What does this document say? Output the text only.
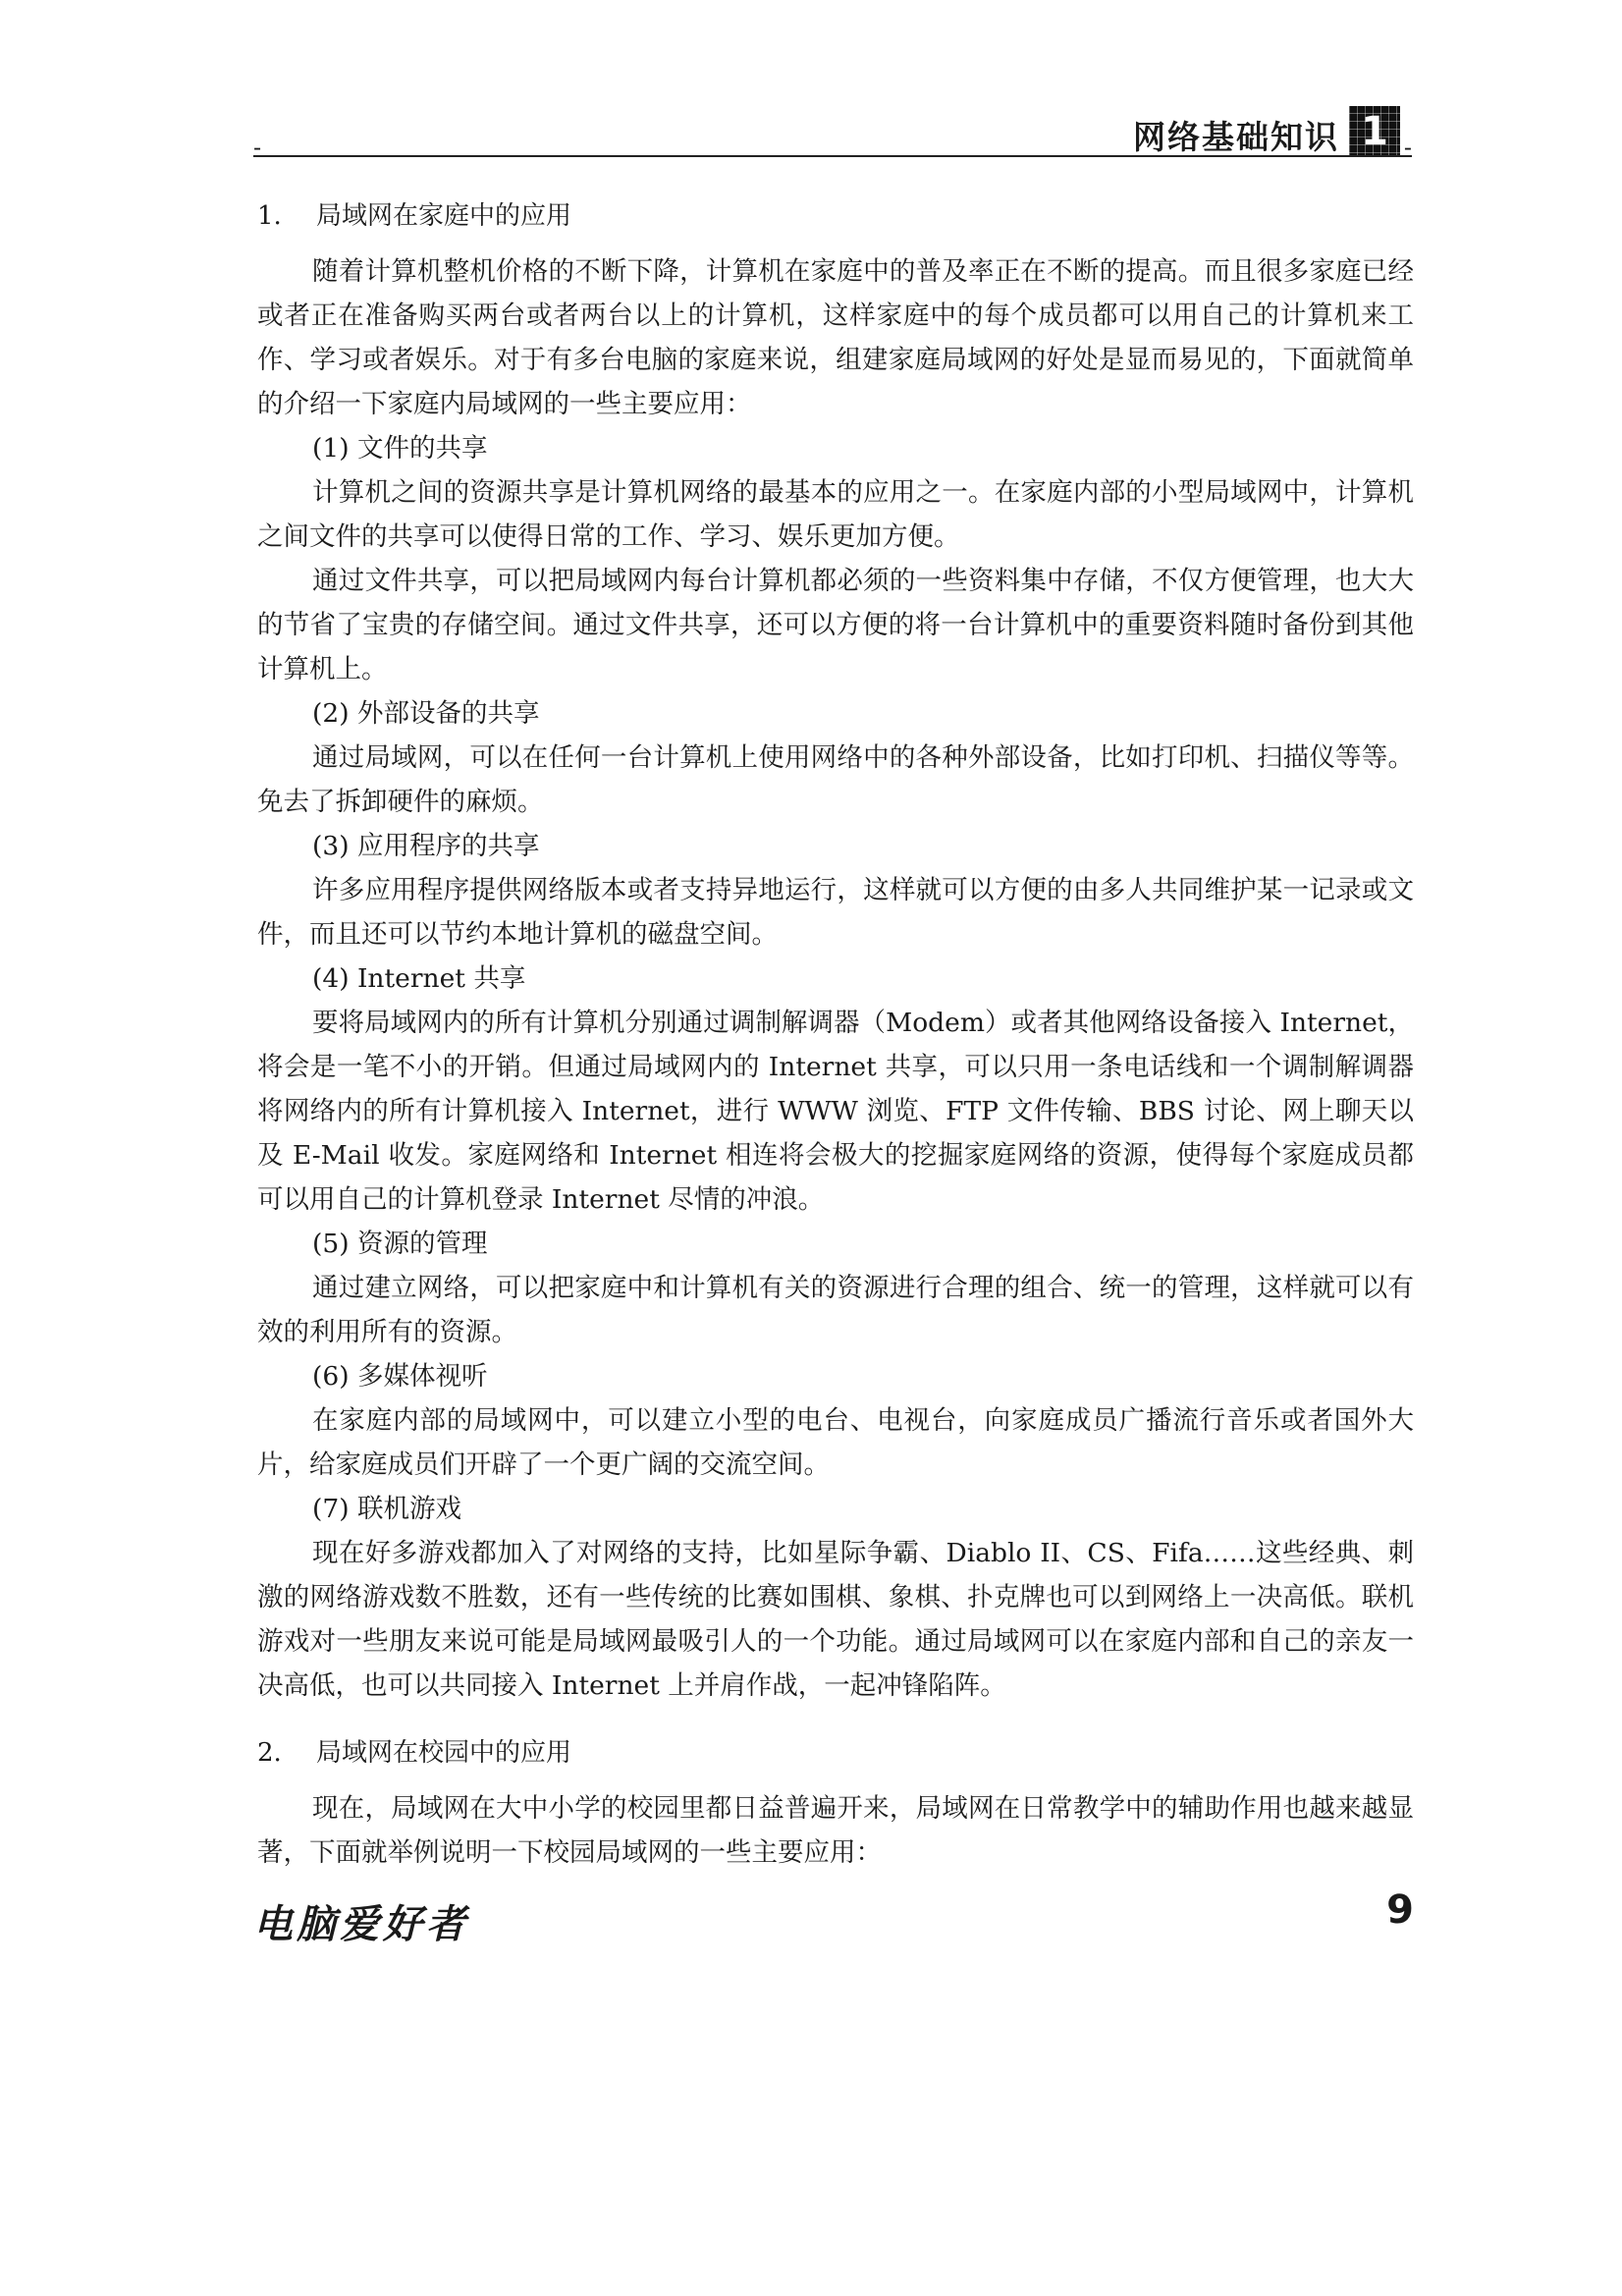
-	网络基础知识 1 -
1. 局域网在家庭中的应用

随着计算机整机价格的不断下降，计算机在家庭中的普及率正在不断的提高。而且很多家庭已经或者正在准备购买两台或者两台以上的计算机，这样家庭中的每个成员都可以用自己的计算机来工作、学习或者娱乐。对于有多台电脑的家庭来说，组建家庭局域网的好处是显而易见的，下面就简单的介绍一下家庭内局域网的一些主要应用：

(1) 文件的共享

计算机之间的资源共享是计算机网络的最基本的应用之一。在家庭内部的小型局域网中，计算机之间文件的共享可以使得日常的工作、学习、娱乐更加方便。

通过文件共享，可以把局域网内每台计算机都必须的一些资料集中存储，不仅方便管理，也大大的节省了宝贵的存储空间。通过文件共享，还可以方便的将一台计算机中的重要资料随时备份到其他计算机上。

(2) 外部设备的共享

通过局域网，可以在任何一台计算机上使用网络中的各种外部设备，比如打印机、扫描仪等等。免去了拆卸硬件的麻烦。

(3) 应用程序的共享

许多应用程序提供网络版本或者支持异地运行，这样就可以方便的由多人共同维护某一记录或文件，而且还可以节约本地计算机的磁盘空间。

(4) Internet 共享

要将局域网内的所有计算机分别通过调制解调器（Modem）或者其他网络设备接入 Internet，将会是一笔不小的开销。但通过局域网内的 Internet 共享，可以只用一条电话线和一个调制解调器将网络内的所有计算机接入 Internet，进行 WWW 浏览、FTP 文件传输、BBS 讨论、网上聊天以及 E-Mail 收发。家庭网络和 Internet 相连将会极大的挖掘家庭网络的资源，使得每个家庭成员都可以用自己的计算机登录 Internet 尽情的冲浪。

(5) 资源的管理

通过建立网络，可以把家庭中和计算机有关的资源进行合理的组合、统一的管理，这样就可以有效的利用所有的资源。

(6) 多媒体视听

在家庭内部的局域网中，可以建立小型的电台、电视台，向家庭成员广播流行音乐或者国外大片，给家庭成员们开辟了一个更广阔的交流空间。

(7) 联机游戏

现在好多游戏都加入了对网络的支持，比如星际争霸、Diablo II、CS、Fifa……这些经典、刺激的网络游戏数不胜数，还有一些传统的比赛如围棋、象棋、扑克牌也可以到网络上一决高低。联机游戏对一些朋友来说可能是局域网最吸引人的一个功能。通过局域网可以在家庭内部和自己的亲友一决高低，也可以共同接入 Internet 上并肩作战，一起冲锋陷阵。

2. 局域网在校园中的应用

现在，局域网在大中小学的校园里都日益普遍开来，局域网在日常教学中的辅助作用也越来越显著，下面就举例说明一下校园局域网的一些主要应用：

电脑爱好者	9
